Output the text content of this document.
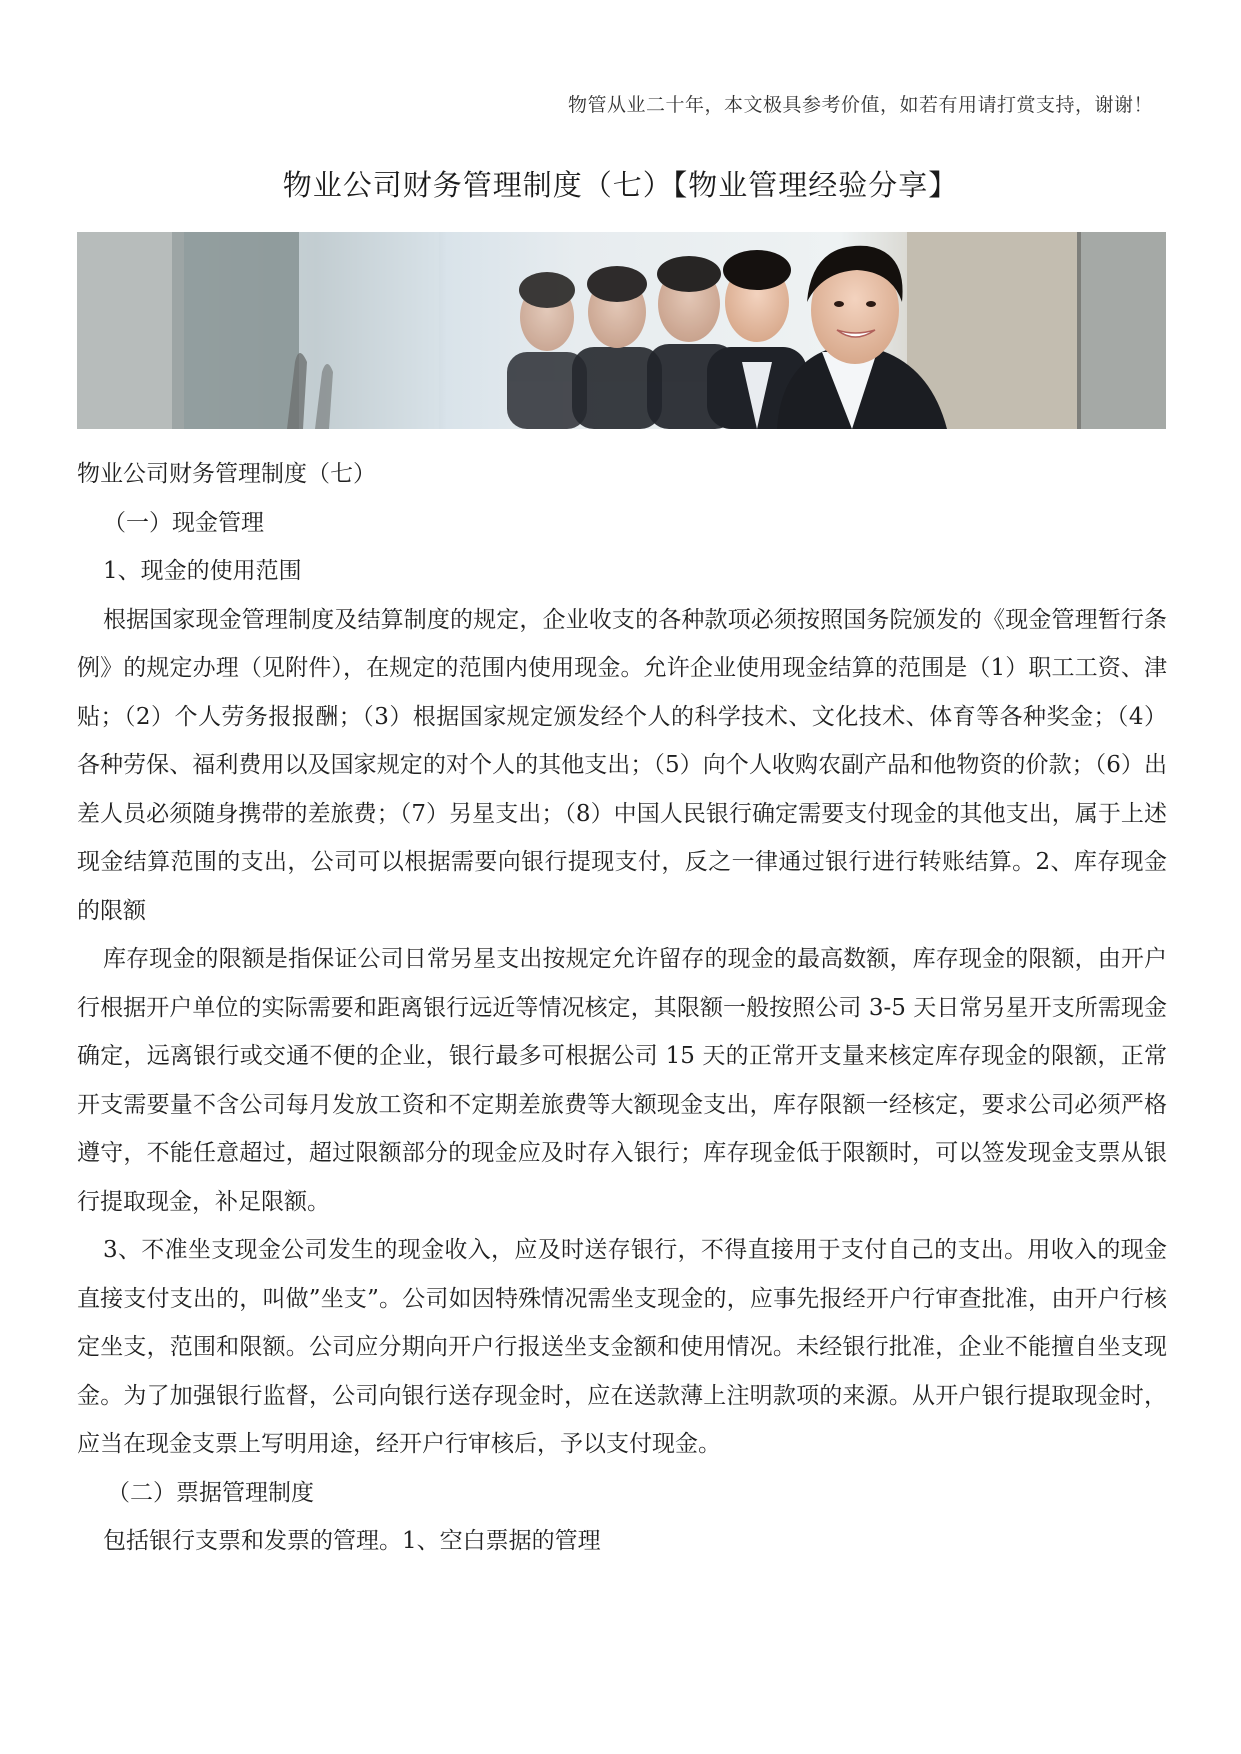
物管从业二十年，本文极具参考价值，如若有用请打赏支持，谢谢！
物业公司财务管理制度（七）【物业管理经验分享】

物业公司财务管理制度（七）

（一）现金管理

1、现金的使用范围

根据国家现金管理制度及结算制度的规定，企业收支的各种款项必须按照国务院颁发的《现金管理暂行条例》的规定办理（见附件），在规定的范围内使用现金。允许企业使用现金结算的范围是（1）职工工资、津贴；（2）个人劳务报报酬；（3）根据国家规定颁发经个人的科学技术、文化技术、体育等各种奖金；（4）各种劳保、福利费用以及国家规定的对个人的其他支出；（5）向个人收购农副产品和他物资的价款；（6）出差人员必须随身携带的差旅费；（7）另星支出；（8）中国人民银行确定需要支付现金的其他支出，属于上述现金结算范围的支出，公司可以根据需要向银行提现支付，反之一律通过银行进行转账结算。2、库存现金的限额

库存现金的限额是指保证公司日常另星支出按规定允许留存的现金的最高数额，库存现金的限额，由开户行根据开户单位的实际需要和距离银行远近等情况核定，其限额一般按照公司 3-5 天日常另星开支所需现金确定，远离银行或交通不便的企业，银行最多可根据公司 15 天的正常开支量来核定库存现金的限额，正常开支需要量不含公司每月发放工资和不定期差旅费等大额现金支出，库存限额一经核定，要求公司必须严格遵守，不能任意超过，超过限额部分的现金应及时存入银行；库存现金低于限额时，可以签发现金支票从银行提取现金，补足限额。

3、不准坐支现金公司发生的现金收入，应及时送存银行，不得直接用于支付自己的支出。用收入的现金直接支付支出的，叫做”坐支”。公司如因特殊情况需坐支现金的，应事先报经开户行审查批准，由开户行核定坐支，范围和限额。公司应分期向开户行报送坐支金额和使用情况。未经银行批准，企业不能擅自坐支现金。为了加强银行监督，公司向银行送存现金时，应在送款薄上注明款项的来源。从开户银行提取现金时，应当在现金支票上写明用途，经开户行审核后，予以支付现金。

（二）票据管理制度

包括银行支票和发票的管理。1、空白票据的管理
